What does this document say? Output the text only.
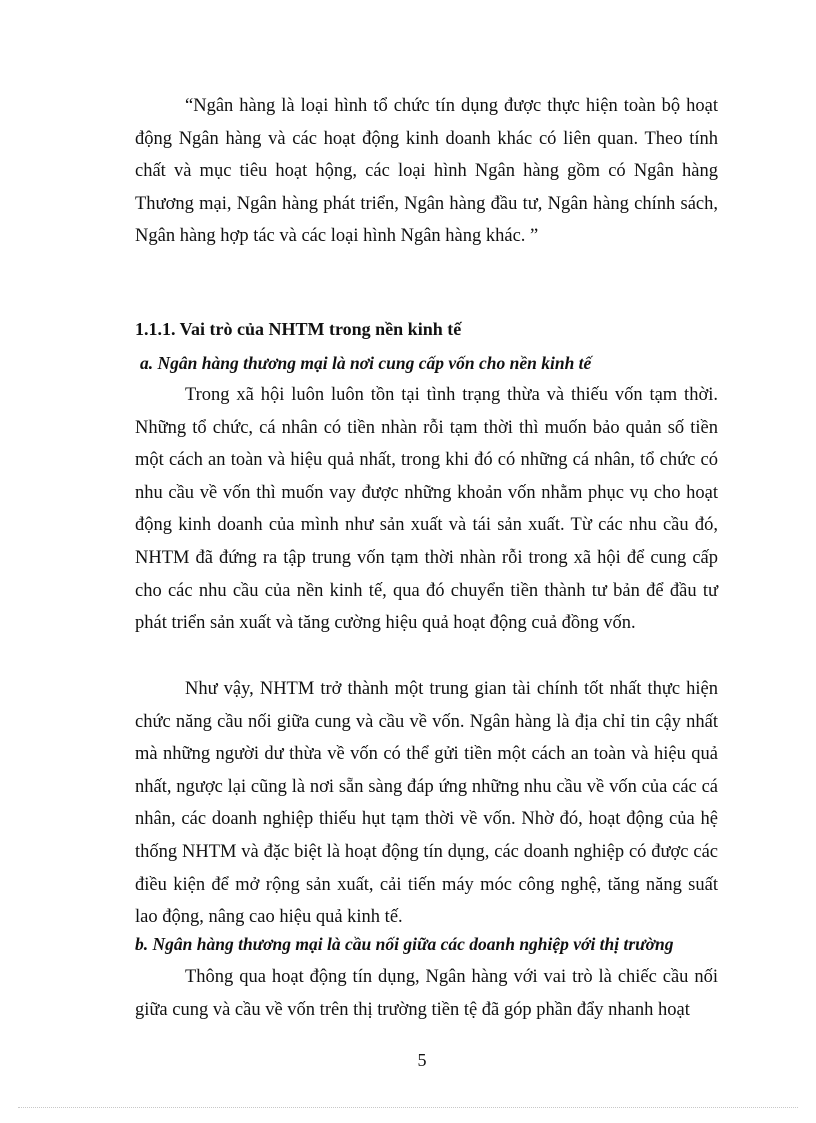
“Ngân hàng là loại hình tổ chức tín dụng được thực hiện toàn bộ hoạt động Ngân hàng và các hoạt động kinh doanh khác có liên quan. Theo tính chất và mục tiêu hoạt hộng, các loại hình Ngân hàng gồm có Ngân hàng Thương mại, Ngân hàng phát triển, Ngân hàng đầu tư, Ngân hàng chính sách, Ngân hàng hợp tác và các loại hình Ngân hàng khác. ”

1.1.1. Vai trò của NHTM trong nền kinh tế

a. Ngân hàng thương mại là nơi cung cấp vốn cho nền kinh tế

Trong xã hội luôn luôn tồn tại tình trạng thừa và thiếu vốn tạm thời. Những tổ chức, cá nhân có tiền nhàn rỗi tạm thời thì muốn bảo quản số tiền một cách an toàn và hiệu quả nhất, trong khi đó có những cá nhân, tổ chức có nhu cầu về vốn thì muốn vay được những khoản vốn nhằm phục vụ cho hoạt động kinh doanh của mình như sản xuất và tái sản xuất. Từ các nhu cầu đó, NHTM đã đứng ra tập trung vốn tạm thời nhàn rỗi trong xã hội để cung cấp cho các nhu cầu của nền kinh tế, qua đó chuyển tiền thành tư bản để đầu tư phát triển sản xuất và tăng cường hiệu quả hoạt động cuả đồng vốn.

Như vậy, NHTM trở thành một trung gian tài chính tốt nhất thực hiện chức năng cầu nối giữa cung và cầu về vốn. Ngân hàng là địa chỉ tin cậy nhất mà những người dư thừa về vốn có thể gửi tiền một cách an toàn và hiệu quả nhất, ngược lại cũng là nơi sẵn sàng đáp ứng những nhu cầu về vốn của các cá nhân, các doanh nghiệp thiếu hụt tạm thời về vốn. Nhờ đó, hoạt động của hệ thống NHTM và đặc biệt là hoạt động tín dụng, các doanh nghiệp có được các điều kiện để mở rộng sản xuất, cải tiến máy móc công nghệ, tăng năng suất lao động, nâng cao hiệu quả kinh tế.

b. Ngân hàng thương mại là cầu nối giữa các doanh nghiệp với thị trường

Thông qua hoạt động tín dụng, Ngân hàng với vai trò là chiếc cầu nối giữa cung và cầu về vốn trên thị trường tiền tệ đã góp phần đẩy nhanh hoạt

5
